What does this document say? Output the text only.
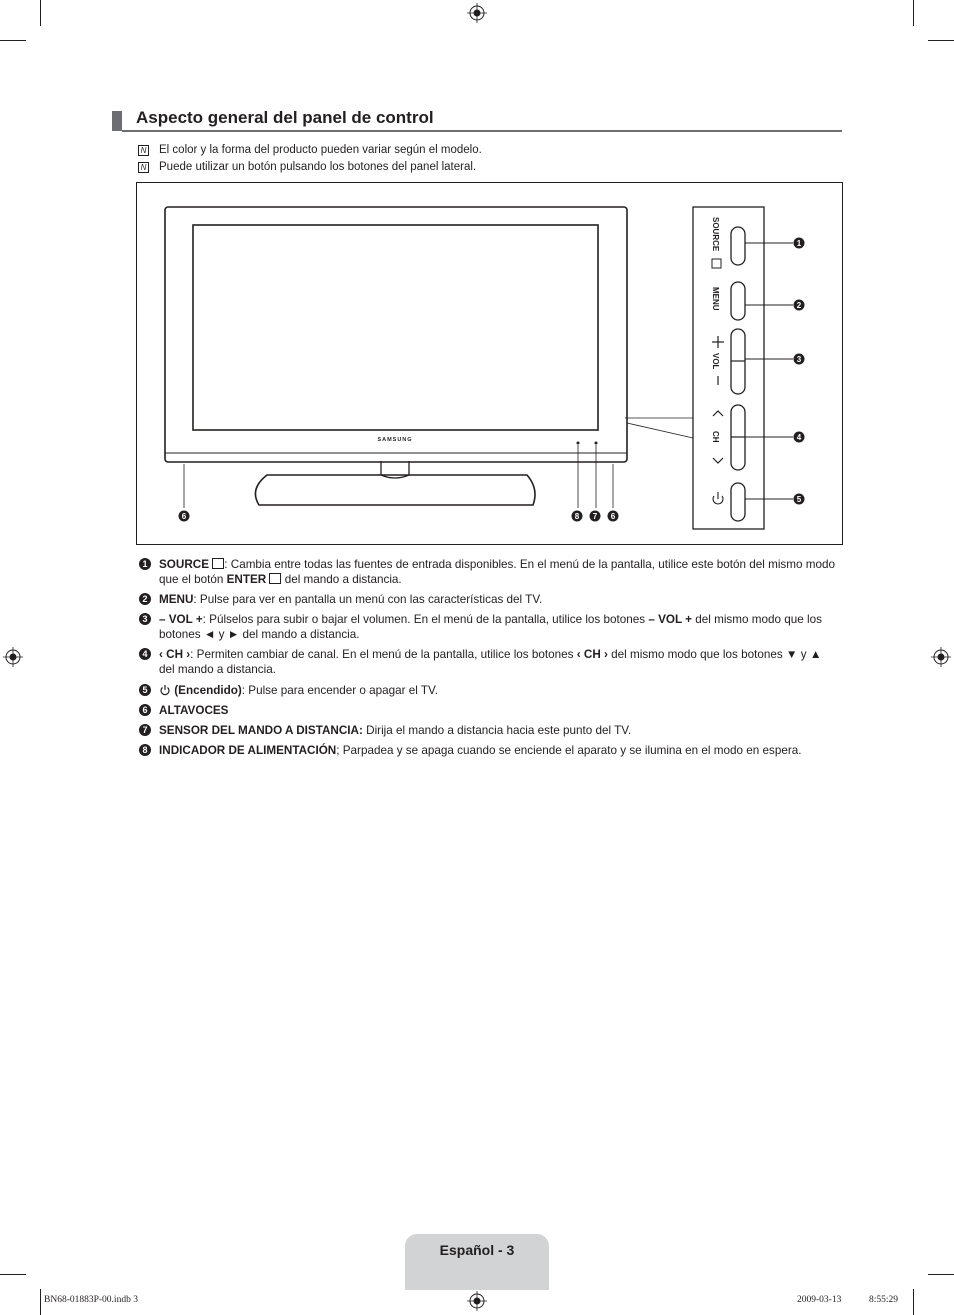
Aspecto general del panel de control
N El color y la forma del producto pueden variar según el modelo.
N Puede utilizar un botón pulsando los botones del panel lateral.
SAMSUNG
SOURCE
MENU
VOL
CH
1
2
3
4
5
6	8 7 6
1 SOURCE : Cambia entre todas las fuentes de entrada disponibles. En el menú de la pantalla, utilice este botón del mismo modo que el botón ENTER  del mando a distancia.
2 MENU: Pulse para ver en pantalla un menú con las características del TV.
3 – VOL +: Púlselos para subir o bajar el volumen. En el menú de la pantalla, utilice los botones – VOL + del mismo modo que los botones ◄ y ► del mando a distancia.
4 ‹ CH ›: Permiten cambiar de canal. En el menú de la pantalla, utilice los botones ‹ CH › del mismo modo que los botones ▼ y ▲ del mando a distancia.
5	(Encendido): Pulse para encender o apagar el TV.
6 ALTAVOCES
7 SENSOR DEL MANDO A DISTANCIA: Dirija el mando a distancia hacia este punto del TV.
8 INDICADOR DE ALIMENTACIÓN; Parpadea y se apaga cuando se enciende el aparato y se ilumina en el modo en espera.
Español - 3
BN68-01883P-00.indb 3	2009-03-13	8:55:29
